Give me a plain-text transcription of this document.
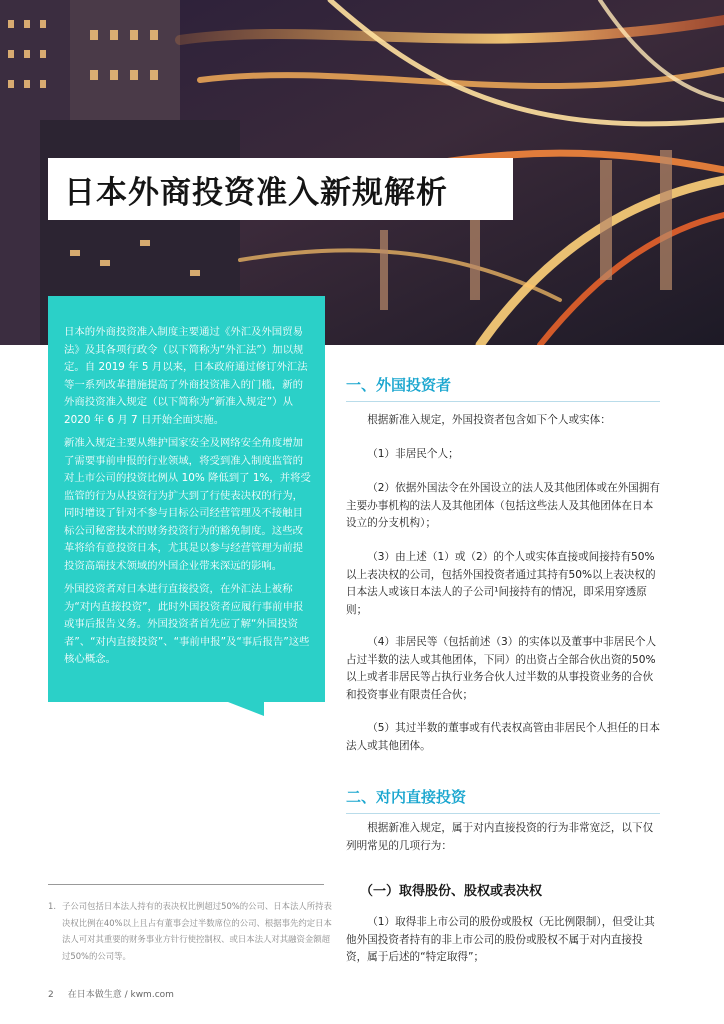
日本外商投资准入新规解析

日本的外商投资准入制度主要通过《外汇及外国贸易法》及其各项行政令（以下简称为“外汇法”）加以规定。自 2019 年 5 月以来，日本政府通过修订外汇法等一系列改革措施提高了外商投资准入的门槛，新的外商投资准入规定（以下简称为“新准入规定”）从 2020 年 6 月 7 日开始全面实施。

新准入规定主要从维护国家安全及网络安全角度增加了需要事前申报的行业领域，将受到准入制度监管的对上市公司的投资比例从 10% 降低到了 1%，并将受监管的行为从投资行为扩大到了行使表决权的行为，同时增设了针对不参与目标公司经营管理及不接触目标公司秘密技术的财务投资行为的豁免制度。这些改革将给有意投资日本，尤其是以参与经营管理为前提投资高端技术领域的外国企业带来深远的影响。

外国投资者对日本进行直接投资，在外汇法上被称为“对内直接投资”，此时外国投资者应履行事前申报或事后报告义务。外国投资者首先应了解“外国投资者”、“对内直接投资”、“事前申报”及“事后报告”这些核心概念。

一、外国投资者

根据新准入规定，外国投资者包含如下个人或实体：

（1）非居民个人；

（2）依据外国法令在外国设立的法人及其他团体或在外国拥有主要办事机构的法人及其他团体（包括这些法人及其他团体在日本设立的分支机构）；

（3）由上述（1）或（2）的个人或实体直接或间接持有50%以上表决权的公司，包括外国投资者通过其持有50%以上表决权的日本法人或该日本法人的子公司¹间接持有的情况，即采用穿透原则；

（4）非居民等（包括前述（3）的实体以及董事中非居民个人占过半数的法人或其他团体，下同）的出资占全部合伙出资的50%以上或者非居民等占执行业务合伙人过半数的从事投资业务的合伙和投资事业有限责任合伙；

（5）其过半数的董事或有代表权高管由非居民个人担任的日本法人或其他团体。

二、对内直接投资

根据新准入规定，属于对内直接投资的行为非常宽泛，以下仅列明常见的几项行为：

（一）取得股份、股权或表决权

（1）取得非上市公司的股份或股权（无比例限制），但受让其他外国投资者持有的非上市公司的股份或股权不属于对内直接投资，属于后述的“特定取得”；

1. 子公司包括日本法人持有的表决权比例超过50%的公司、日本法人所持表决权比例在40%以上且占有董事会过半数席位的公司、根据事先约定日本法人可对其重要的财务事业方针行使控制权、或日本法人对其融资金额超过50%的公司等。
2 在日本做生意 / kwm.com
